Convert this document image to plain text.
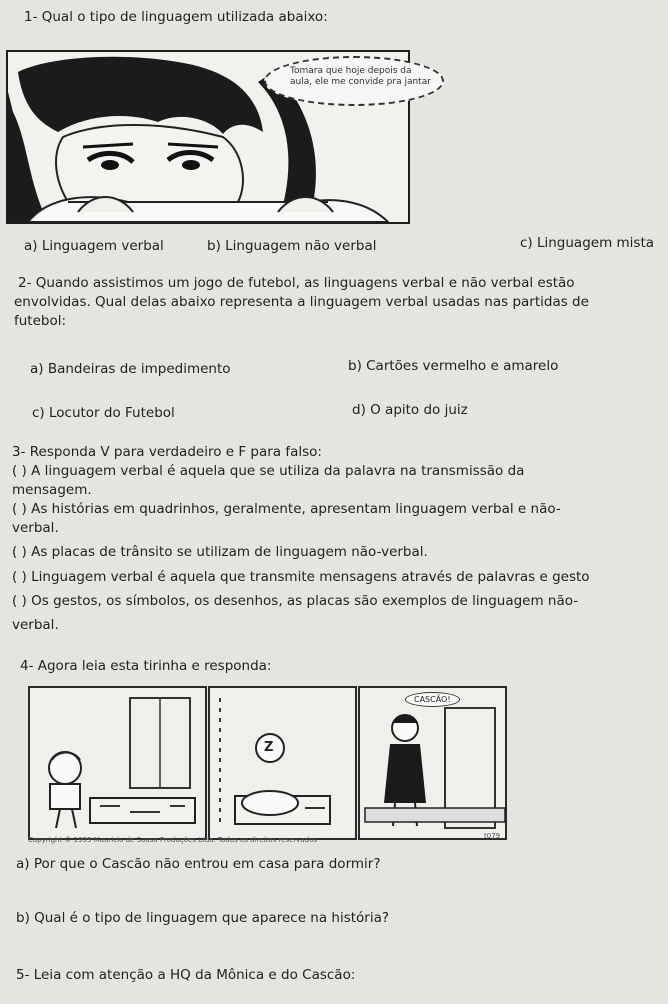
1- Qual o tipo de linguagem utilizada abaixo:
Tomara que hoje depois da aula, ele me convide pra jantar
a) Linguagem verbal	b) Linguagem não verbal	c) Linguagem mista
2- Quando assistimos um jogo de futebol, as linguagens verbal e não verbal estão
envolvidas. Qual delas abaixo representa a linguagem verbal usadas nas partidas de
futebol:
a) Bandeiras de impedimento	b) Cartões vermelho e amarelo
c) Locutor do Futebol	d) O apito do juiz
3- Responda V para verdadeiro e F para falso:
( ) A linguagem verbal é aquela que se utiliza da palavra na transmissão da
mensagem.
( ) As histórias em quadrinhos, geralmente, apresentam linguagem verbal e não-
verbal.
( ) As placas de trânsito se utilizam de linguagem não-verbal.
( ) Linguagem verbal é aquela que transmite mensagens através de palavras e gesto
( ) Os gestos, os símbolos, os desenhos, as placas são exemplos de linguagem não-
verbal.
4- Agora leia esta tirinha e responda:
Z
CASCÃO!
Copyright © 1999 Mauricio de Sousa Produções Ltda. Todos os direitos reservados	t079
a) Por que o Cascão não entrou em casa para dormir?
b) Qual é o tipo de linguagem que aparece na história?
5- Leia com atenção a HQ da Mônica e do Cascão:
